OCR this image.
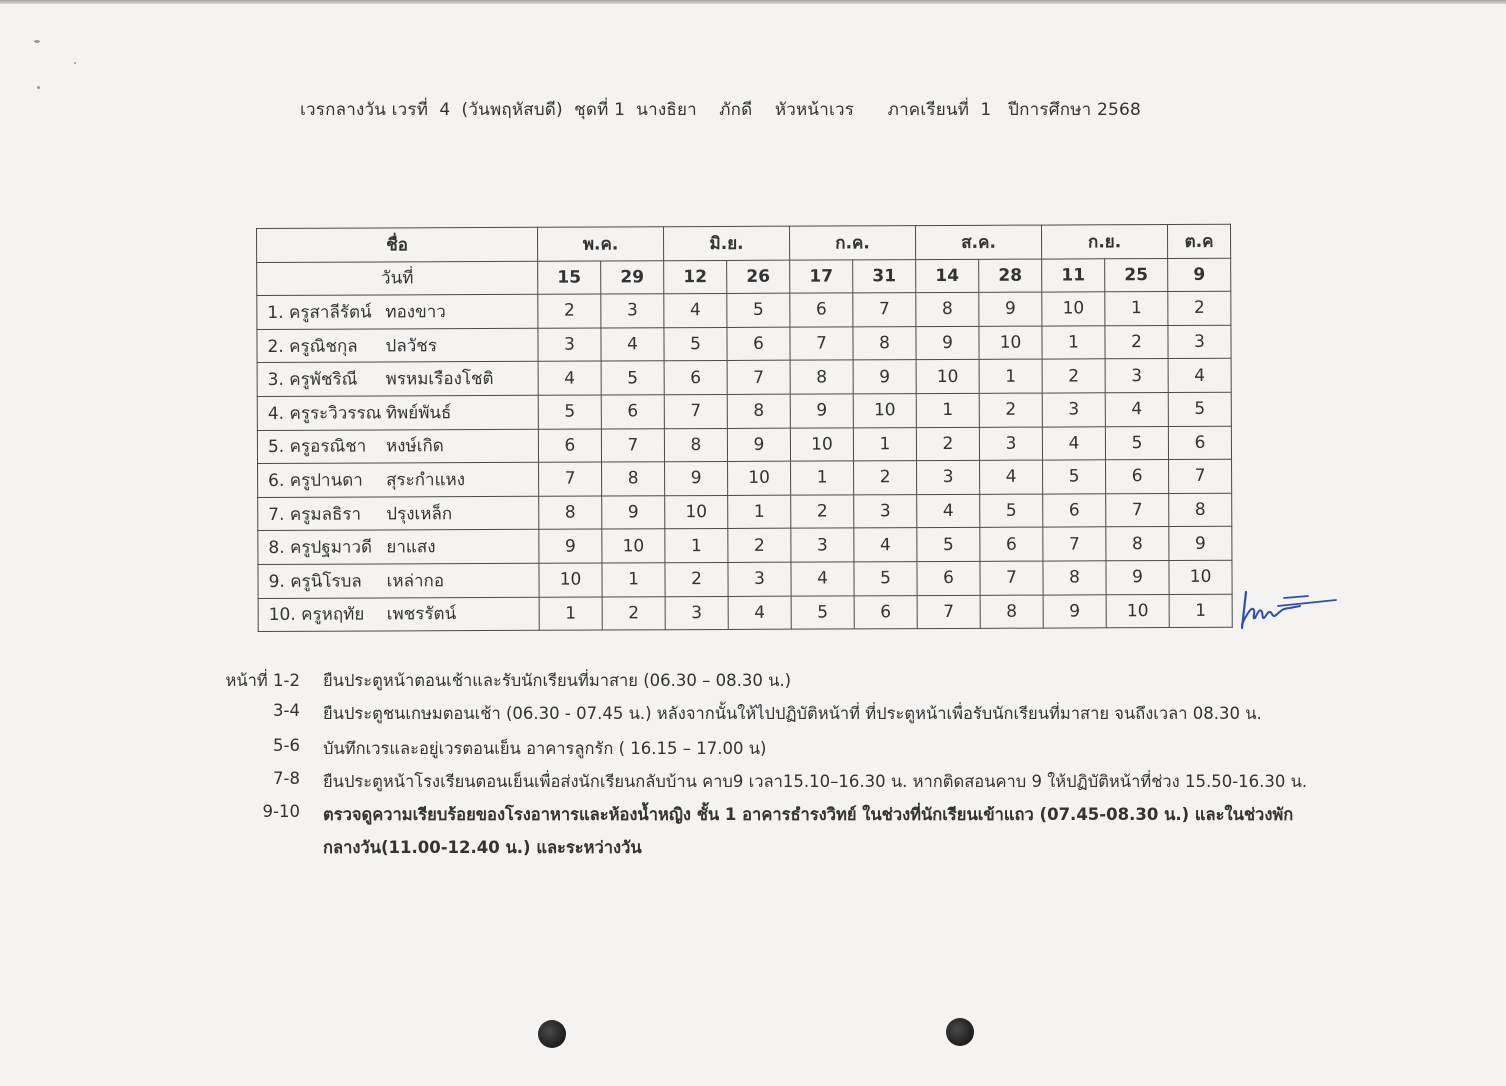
เวรกลางวัน เวรที่  4  (วันพฤหัสบดี)  ชุดที่ 1  นางธิยา    ภักดี    หัวหน้าเวร      ภาคเรียนที่  1   ปีการศึกษา 2568
ชื่อ	พ.ค.		มิ.ย.		ก.ค.		ส.ค.		ก.ย.		ต.ค
วันที่	15	29	12	26	17	31	14	28	11	25	9
1. ครูสาลีรัตน์ ทองขาว	2	3	4	5	6	7	8	9	10	1	2
2. ครูณิชกุล ปลวัชร	3	4	5	6	7	8	9	10	1	2	3
3. ครูพัชริณี พรหมเรืองโชติ	4	5	6	7	8	9	10	1	2	3	4
4. ครูระวิวรรณ ทิพย์พันธ์	5	6	7	8	9	10	1	2	3	4	5
5. ครูอรณิชา หงษ์เกิด	6	7	8	9	10	1	2	3	4	5	6
6. ครูปานดา สุระกำแหง	7	8	9	10	1	2	3	4	5	6	7
7. ครูมลธิรา ปรุงเหล็ก	8	9	10	1	2	3	4	5	6	7	8
8. ครูปฐมาวดี ยาแสง	9	10	1	2	3	4	5	6	7	8	9
9. ครูนิโรบล เหล่ากอ	10	1	2	3	4	5	6	7	8	9	10
10. ครูหฤทัย เพชรรัตน์	1	2	3	4	5	6	7	8	9	10	1
หน้าที่ 1-2 ยืนประตูหน้าตอนเช้าและรับนักเรียนที่มาสาย (06.30 – 08.30 น.)
3-4 ยืนประตูชนเกษมตอนเช้า (06.30 - 07.45 น.) หลังจากนั้นให้ไปปฏิบัติหน้าที่ ที่ประตูหน้าเพื่อรับนักเรียนที่มาสาย จนถึงเวลา 08.30 น.
5-6 บันทึกเวรและอยู่เวรตอนเย็น อาคารลูกรัก ( 16.15 – 17.00 น)
7-8 ยืนประตูหน้าโรงเรียนตอนเย็นเพื่อส่งนักเรียนกลับบ้าน คาบ9 เวลา15.10–16.30 น. หากติดสอนคาบ 9 ให้ปฏิบัติหน้าที่ช่วง 15.50-16.30 น.
9-10 ตรวจดูความเรียบร้อยของโรงอาหารและห้องน้ำหญิง ชั้น 1 อาคารธำรงวิทย์ ในช่วงที่นักเรียนเข้าแถว (07.45-08.30 น.) และในช่วงพัก
กลางวัน(11.00-12.40 น.) และระหว่างวัน
